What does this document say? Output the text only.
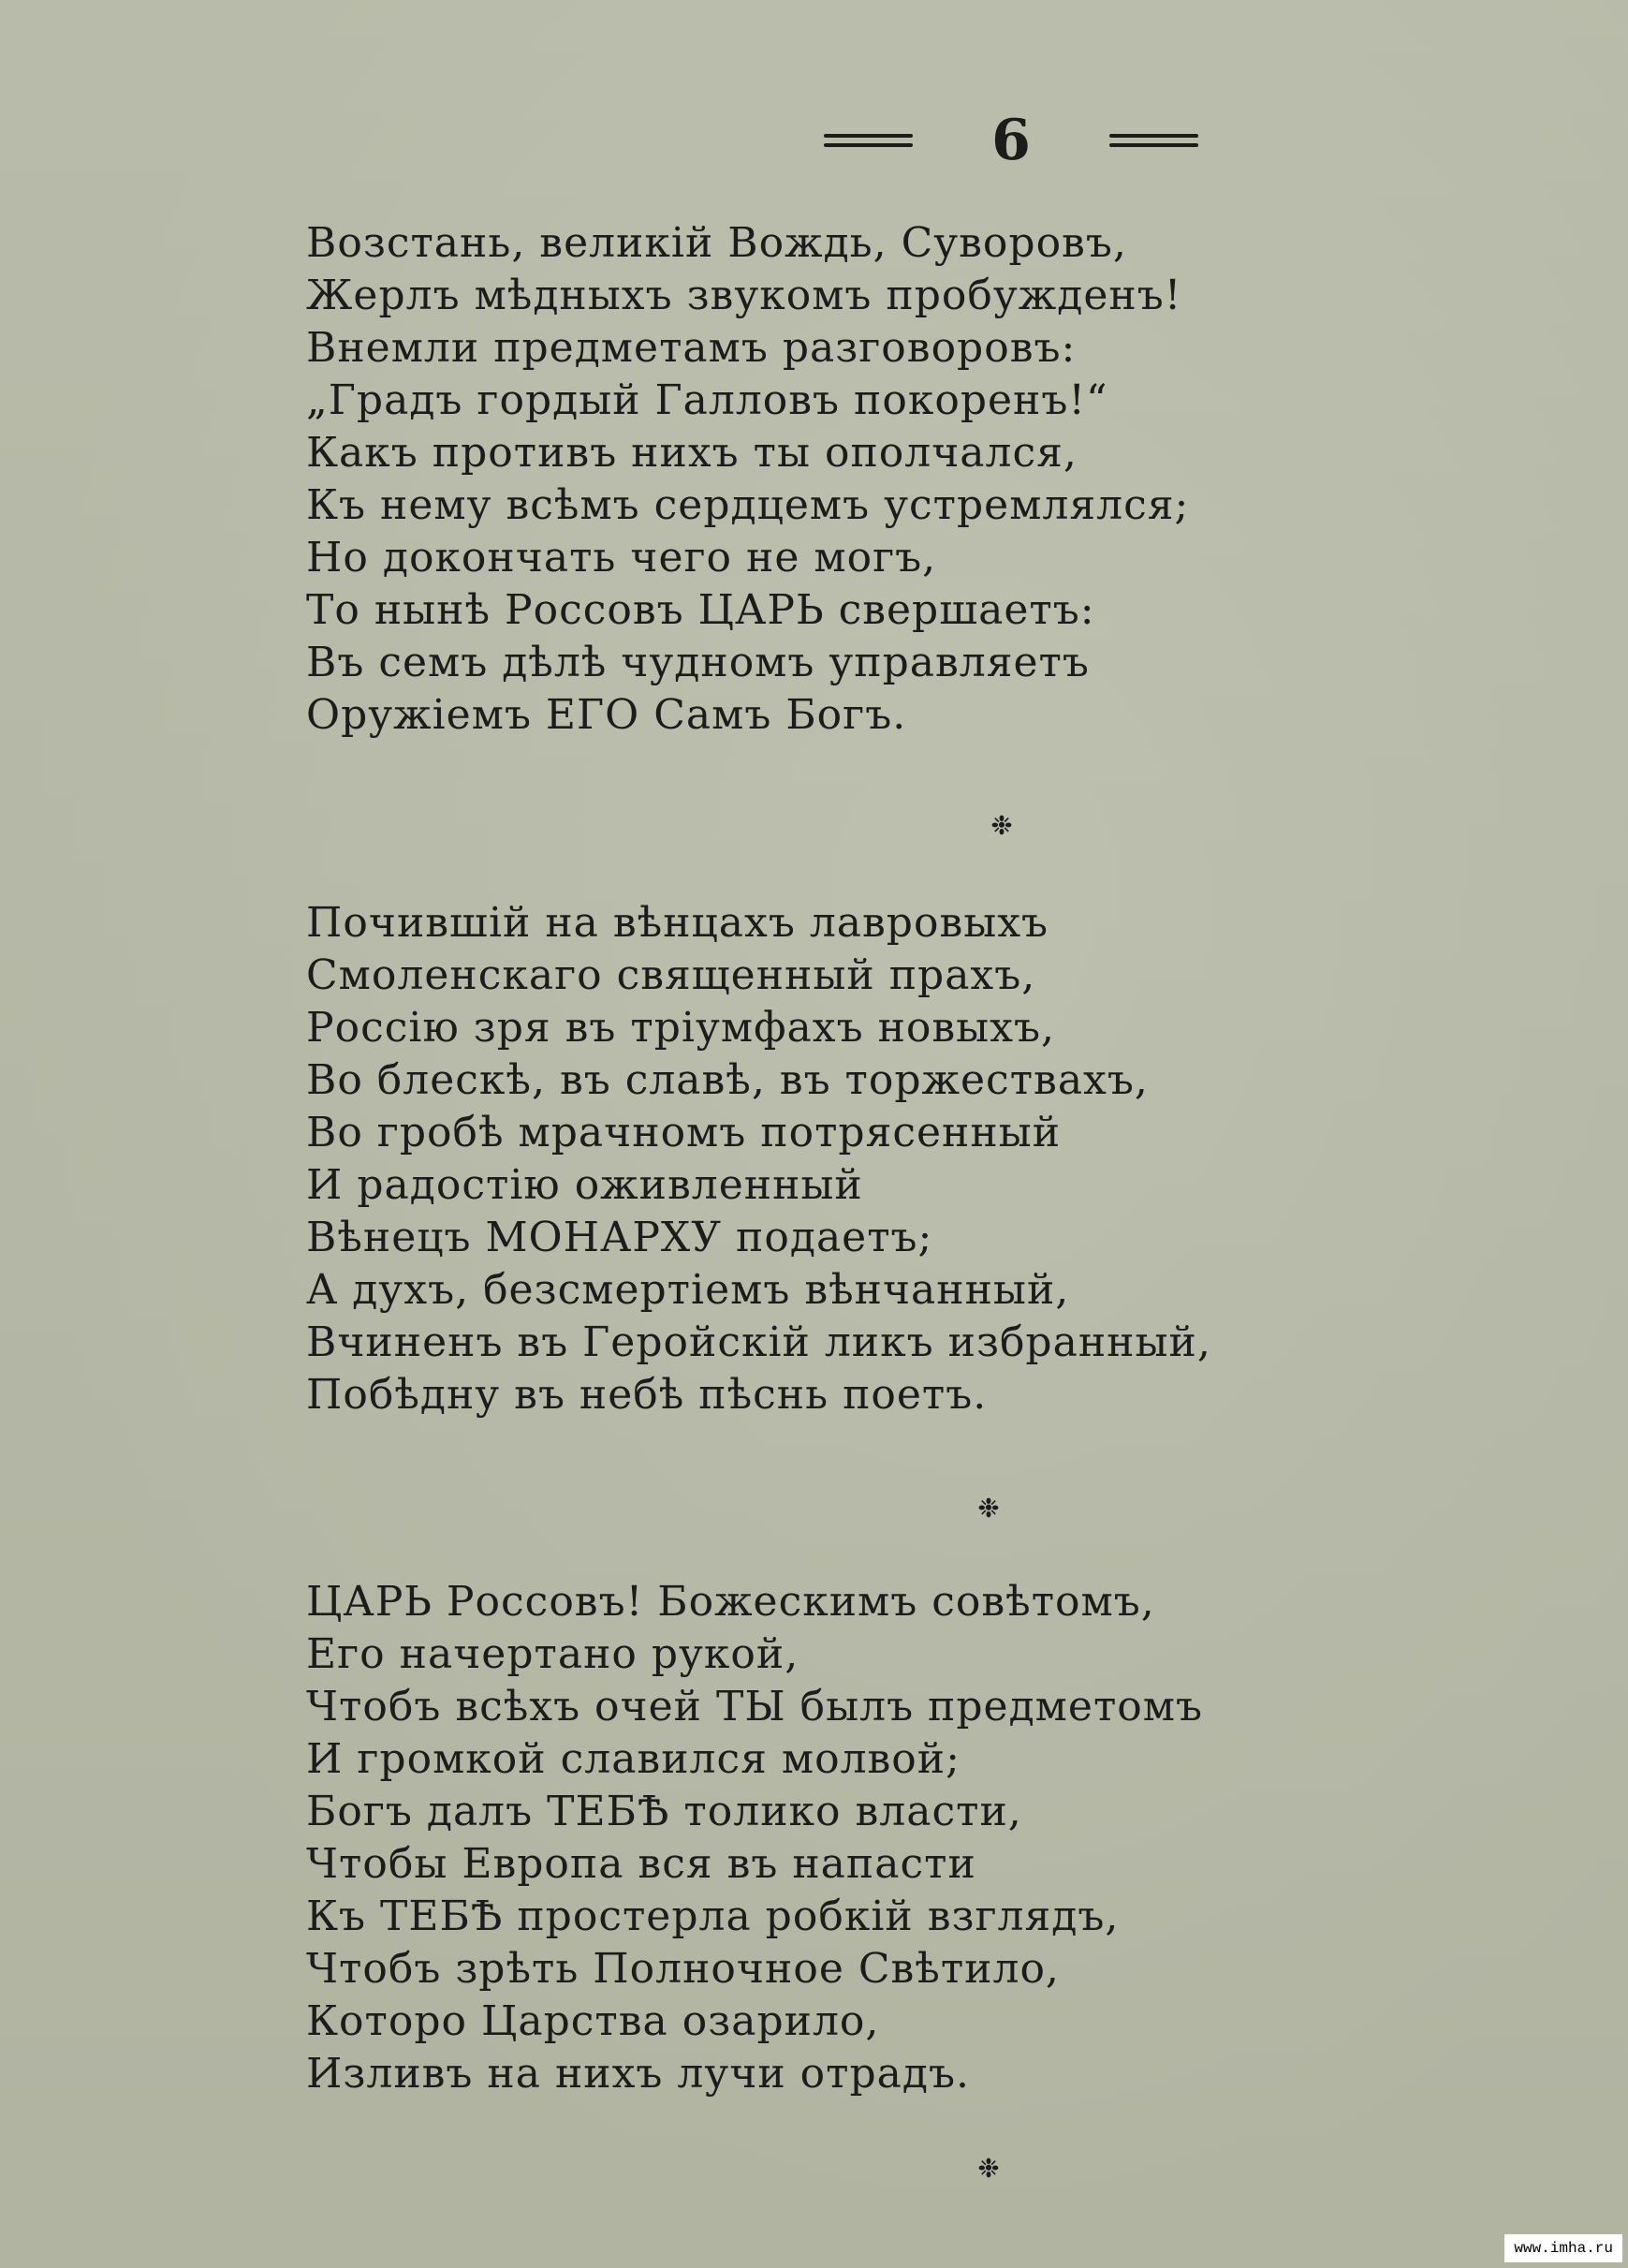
6
Возстань, великій Вождь, Суворовъ,
Жерлъ мѣдныхъ звукомъ пробужденъ!
Внемли предметамъ разговоровъ:
„Градъ гордый Галловъ покоренъ!“
Какъ противъ нихъ ты ополчался,
Къ нему всѣмъ сердцемъ устремлялся;
Но докончать чего не могъ,
То нынѣ Россовъ ЦАРЬ свершаетъ:
Въ семъ дѣлѣ чудномъ управляетъ
Оружіемъ ЕГО Самъ Богъ.
❉
Почившій на вѣнцахъ лавровыхъ
Смоленскаго священный прахъ,
Россію зря въ тріумфахъ новыхъ,
Во блескѣ, въ славѣ, въ торжествахъ,
Во гробѣ мрачномъ потрясенный
И радостію оживленный
Вѣнецъ МОНАРХУ подаетъ;
А духъ, безсмертіемъ вѣнчанный,
Вчиненъ въ Геройскій ликъ избранный,
Побѣдну въ небѣ пѣснь поетъ.
❉
ЦАРЬ Россовъ! Божескимъ совѣтомъ,
Его начертано рукой,
Чтобъ всѣхъ очей ТЫ былъ предметомъ
И громкой славился молвой;
Богъ далъ ТЕБѢ толико власти,
Чтобы Европа вся въ напасти
Къ ТЕБѢ простерла робкій взглядъ,
Чтобъ зрѣть Полночное Свѣтило,
Которо Царства озарило,
Изливъ на нихъ лучи отрадъ.
❉
www.imha.ru
